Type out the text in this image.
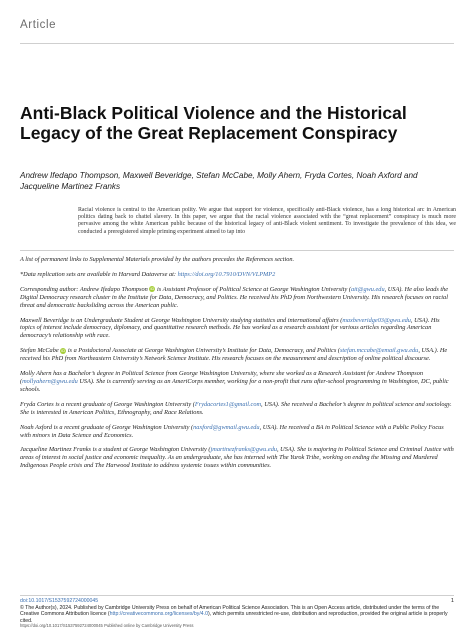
Article
Anti-Black Political Violence and the Historical Legacy of the Great Replacement Conspiracy
Andrew Ifedapo Thompson, Maxwell Beveridge, Stefan McCabe, Molly Ahern, Fryda Cortes, Noah Axford and Jacqueline Martinez Franks
Racial violence is central to the American polity. We argue that support for violence, specifically anti-Black violence, has a long historical arc in American politics dating back to chattel slavery. In this paper, we argue that the racial violence associated with the “great replacement” conspiracy is much more pervasive among the white American public because of the historical legacy of anti-Black violent sentiment. To investigate the prevalence of this idea, we conducted a preregistered simple priming experiment aimed to tap into

A list of permanent links to Supplemental Materials provided by the authors precedes the References section.

*Data replication sets are available in Harvard Dataverse at: https://doi.org/10.7910/DVN/VLPMP2

Corresponding author: Andrew Ifedapo Thompson iD is Assistant Professor of Political Science at George Washington University (ait@gwu.edu, USA). He also leads the Digital Democracy research cluster in the Institute for Data, Democracy, and Politics. He received his PhD from Northwestern University. His research focuses on racial threat and democratic backsliding across the American public.

Maxwell Beveridge is an Undergraduate Student at George Washington University studying statistics and international affairs (maxbeveridge03@gwu.edu, USA). His topics of interest include democracy, diplomacy, and quantitative research methods. He has worked as a research assistant for various articles regarding American democracy’s relationship with race.

Stefan McCabe iD is a Postdoctoral Associate at George Washington University’s Institute for Data, Democracy, and Politics (stefan.mccabe@email.gwu.edu, USA.). He received his PhD from Northeastern University’s Network Science Institute. His research focuses on the measurement and description of online political discourse.

Molly Ahern has a Bachelor’s degree in Political Science from George Washington University, where she worked as a Research Assistant for Andrew Thompson (mollyahern@gwu.edu USA). She is currently serving as an AmeriCorps member, working for a non-profit that runs after-school programming in Washington, DC, public schools.

Fryda Cortes is a recent graduate of George Washington University (Frydacortes1@gmail.com, USA). She received a Bachelor’s degree in political science and sociology. She is interested in American Politics, Ethnography, and Race Relations.

Noah Axford is a recent graduate of George Washington University (naxford@gwmail.gwu.edu, USA). He received a BA in Political Science with a Public Policy Focus with minors in Data Science and Economics.

Jacqueline Martinez Franks is a student at George Washington University (jmartinezfranks@gwu.edu, USA). She is majoring in Political Science and Criminal Justice with areas of interest in social justice and economic inequality. As an undergraduate, she has interned with The Yurok Tribe, working on ending the Missing and Murdered Indigenous People crisis and The Harwood Institute to address systemic issues within communities.

doi:10.1017/S1537592724000045
© The Author(s), 2024. Published by Cambridge University Press on behalf of American Political Science Association. This is an Open Access article, distributed under the terms of the Creative Commons Attribution licence (http://creativecommons.org/licenses/by/4.0), which permits unrestricted re-use, distribution and reproduction, provided the original article is properly cited.
1
https://doi.org/10.1017/S1537592724000045 Published online by Cambridge University Press
